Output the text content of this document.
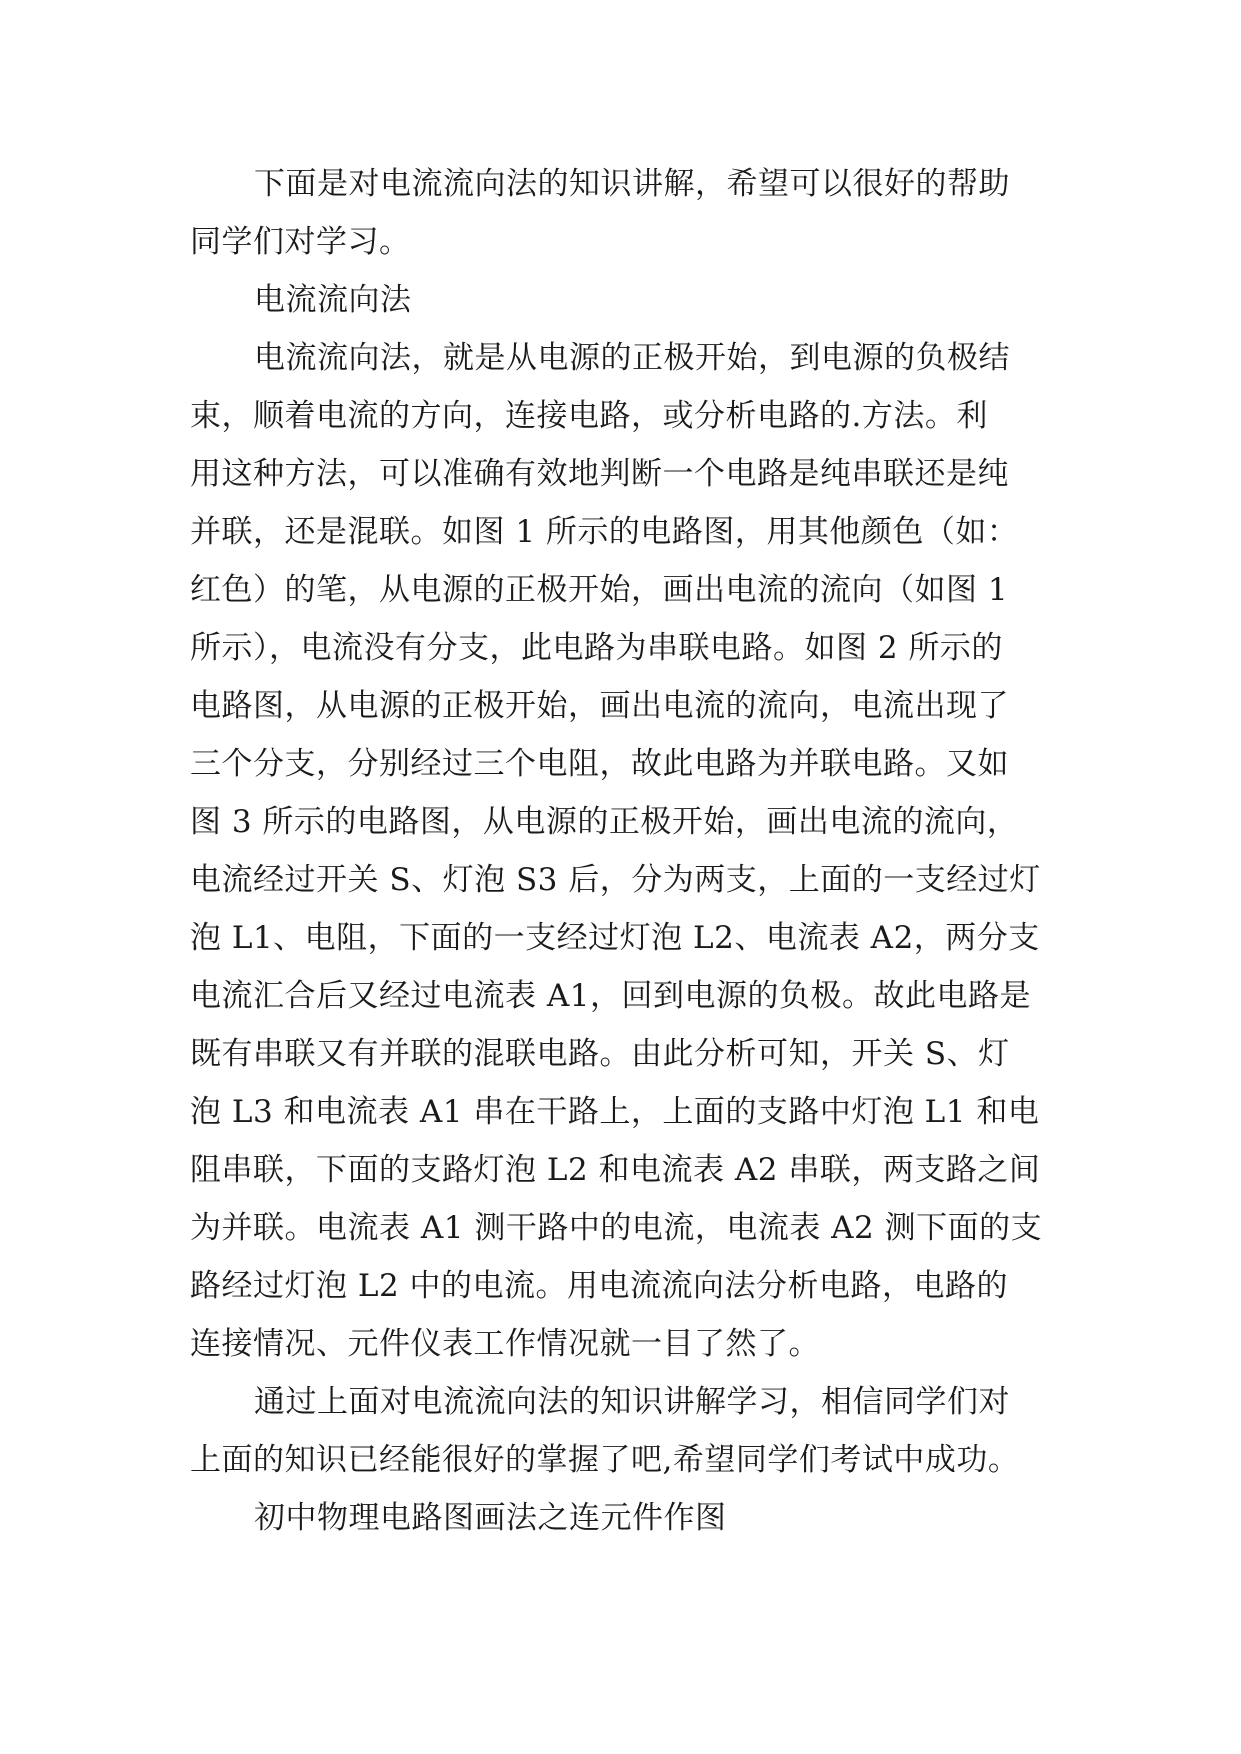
下面是对电流流向法的知识讲解，希望可以很好的帮助
同学们对学习。
电流流向法
电流流向法，就是从电源的正极开始，到电源的负极结
束，顺着电流的方向，连接电路，或分析电路的.方法。利
用这种方法，可以准确有效地判断一个电路是纯串联还是纯
并联，还是混联。如图 1 所示的电路图，用其他颜色（如：
红色）的笔，从电源的正极开始，画出电流的流向（如图 1
所示），电流没有分支，此电路为串联电路。如图 2 所示的
电路图，从电源的正极开始，画出电流的流向，电流出现了
三个分支，分别经过三个电阻，故此电路为并联电路。又如
图 3 所示的电路图，从电源的正极开始，画出电流的流向，
电流经过开关 S、灯泡 S3 后，分为两支，上面的一支经过灯
泡 L1、电阻，下面的一支经过灯泡 L2、电流表 A2，两分支
电流汇合后又经过电流表 A1，回到电源的负极。故此电路是
既有串联又有并联的混联电路。由此分析可知，开关 S、灯
泡 L3 和电流表 A1 串在干路上，上面的支路中灯泡 L1 和电
阻串联，下面的支路灯泡 L2 和电流表 A2 串联，两支路之间
为并联。电流表 A1 测干路中的电流，电流表 A2 测下面的支
路经过灯泡 L2 中的电流。用电流流向法分析电路，电路的
连接情况、元件仪表工作情况就一目了然了。
通过上面对电流流向法的知识讲解学习，相信同学们对
上面的知识已经能很好的掌握了吧,希望同学们考试中成功。
初中物理电路图画法之连元件作图
